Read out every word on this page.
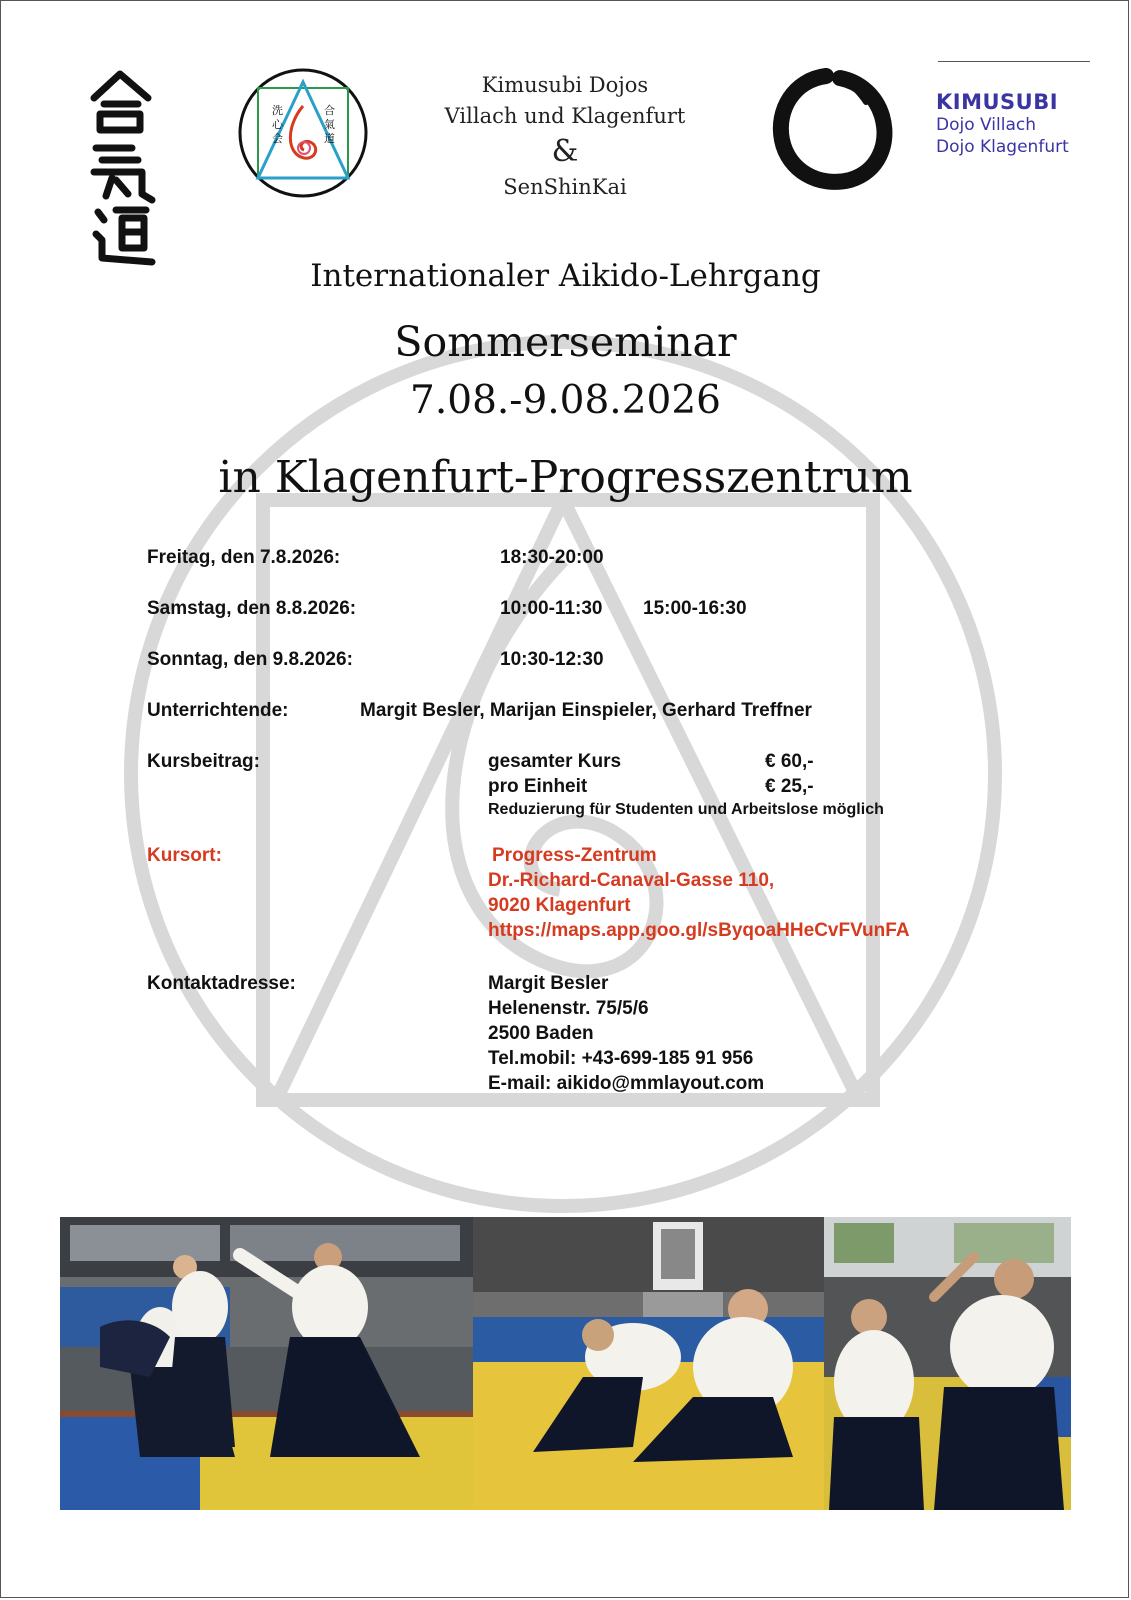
洗
心
会
合
氣
道
Kimusubi Dojos
Villach und Klagenfurt
&
SenShinKai
KIMUSUBI
Dojo Villach
Dojo Klagenfurt
Internationaler Aikido-Lehrgang
Sommerseminar
7.08.-9.08.2026
in Klagenfurt-Progresszentrum
Freitag, den 7.8.2026:	18:30-20:00
Samstag, den 8.8.2026:	10:00-11:30 15:00-16:30
Sonntag, den 9.8.2026:	10:30-12:30
Unterrichtende:	Margit Besler, Marijan Einspieler, Gerhard Treffner
Kursbeitrag:	gesamter Kurs	€ 60,-
pro Einheit	€ 25,-
Reduzierung für Studenten und Arbeitslose möglich
Kursort:	Progress-Zentrum
Dr.-Richard-Canaval-Gasse 110,
9020 Klagenfurt
https://maps.app.goo.gl/sByqoaHHeCvFVunFA
Kontaktadresse:	Margit Besler
Helenenstr. 75/5/6
2500 Baden
Tel.mobil: +43-699-185 91 956
E-mail: aikido@mmlayout.com
